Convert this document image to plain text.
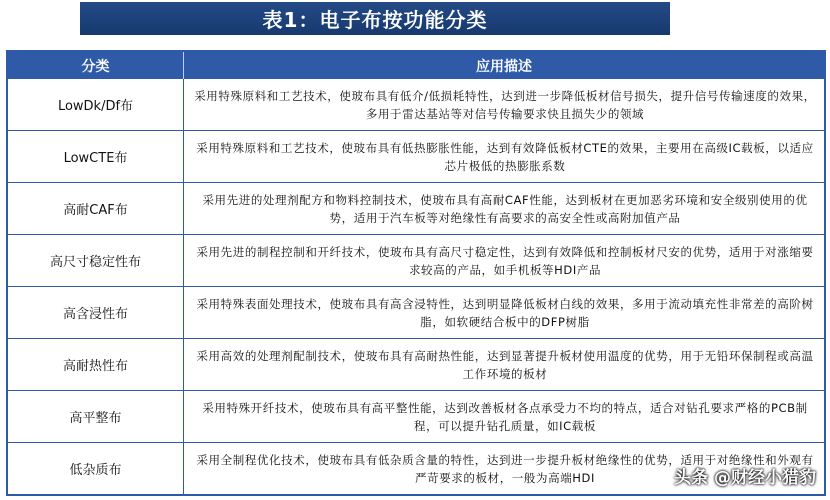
表1：电子布按功能分类
分类	应用描述
LowDk/Df布
采用特殊原料和工艺技术，使玻布具有低介/低损耗特性，达到进一步降低板材信号损失，提升信号传输速度的效果，多用于雷达基站等对信号传输要求快且损失少的领域
LowCTE布
采用特殊原料和工艺技术，使玻布具有低热膨胀性能，达到有效降低板材CTE的效果，主要用在高级IC载板，以适应芯片极低的热膨胀系数
高耐CAF布
采用先进的处理剂配方和物料控制技术，使玻布具有高耐CAF性能，达到板材在更加恶劣环境和安全级别使用的优势，适用于汽车板等对绝缘性有高要求的高安全性或高附加值产品
高尺寸稳定性布
采用先进的制程控制和开纤技术，使玻布具有高尺寸稳定性，达到有效降低和控制板材尺安的优势，适用于对涨缩要求较高的产品，如手机板等HDI产品
高含浸性布
采用特殊表面处理技术，使玻布具有高含浸特性，达到明显降低板材白线的效果，多用于流动填充性非常差的高阶树脂，如软硬结合板中的DFP树脂
高耐热性布
采用高效的处理剂配制技术，使玻布具有高耐热性能，达到显著提升板材使用温度的优势，用于无铅环保制程或高温工作环境的板材
高平整布
采用特殊开纤技术，使玻布具有高平整性能，达到改善板材各点承受力不均的特点，适合对钻孔要求严格的PCB制程，可以提升钻孔质量，如IC载板
低杂质布
采用全制程优化技术，使玻布具有低杂质含量的特性，达到进一步提升板材绝缘性的优势，适用于对绝缘性和外观有严苛要求的板材，一般为高端HDI	头条 @财经小猎豹
